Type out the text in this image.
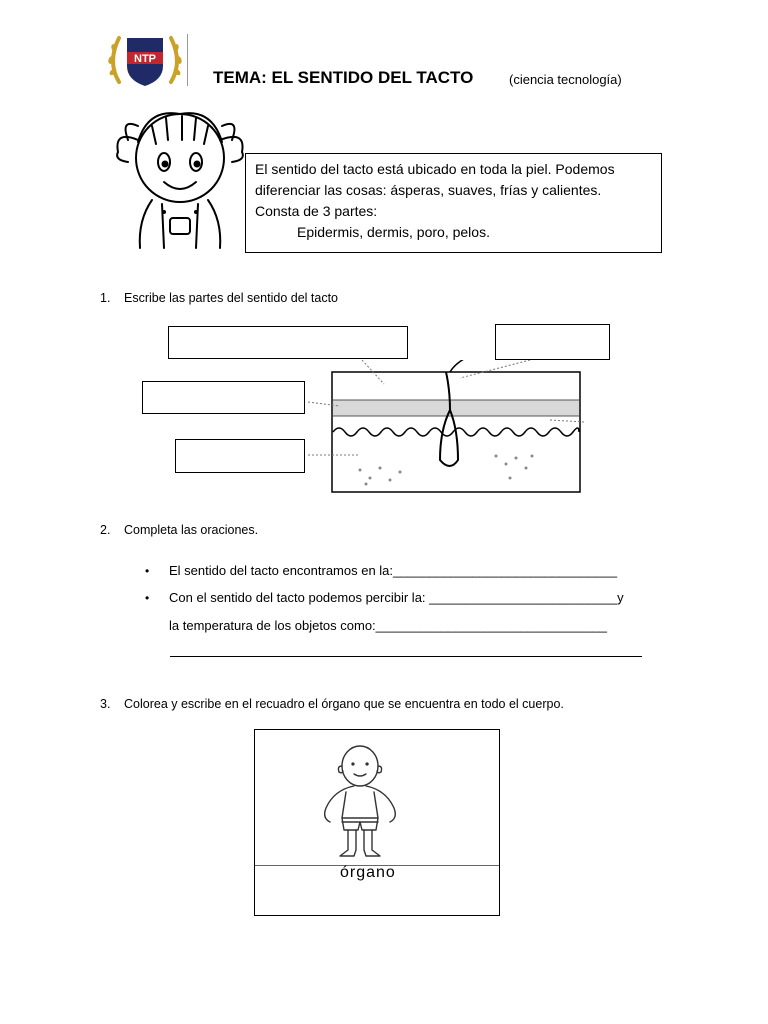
NTP
TEMA: EL SENTIDO DEL TACTO	(ciencia tecnología)
El sentido del tacto está ubicado en toda la piel. Podemos
diferenciar las cosas: ásperas, suaves, frías y calientes.
Consta de 3 partes:
Epidermis, dermis, poro, pelos.
1. Escribe las partes del sentido del tacto
2. Completa las oraciones.
• El sentido del tacto encontramos en la:_______________________________
• Con el sentido del tacto podemos percibir la: __________________________y
la temperatura de los objetos como:________________________________
3. Colorea y escribe en el recuadro el órgano que se encuentra en todo el cuerpo.
órgano
